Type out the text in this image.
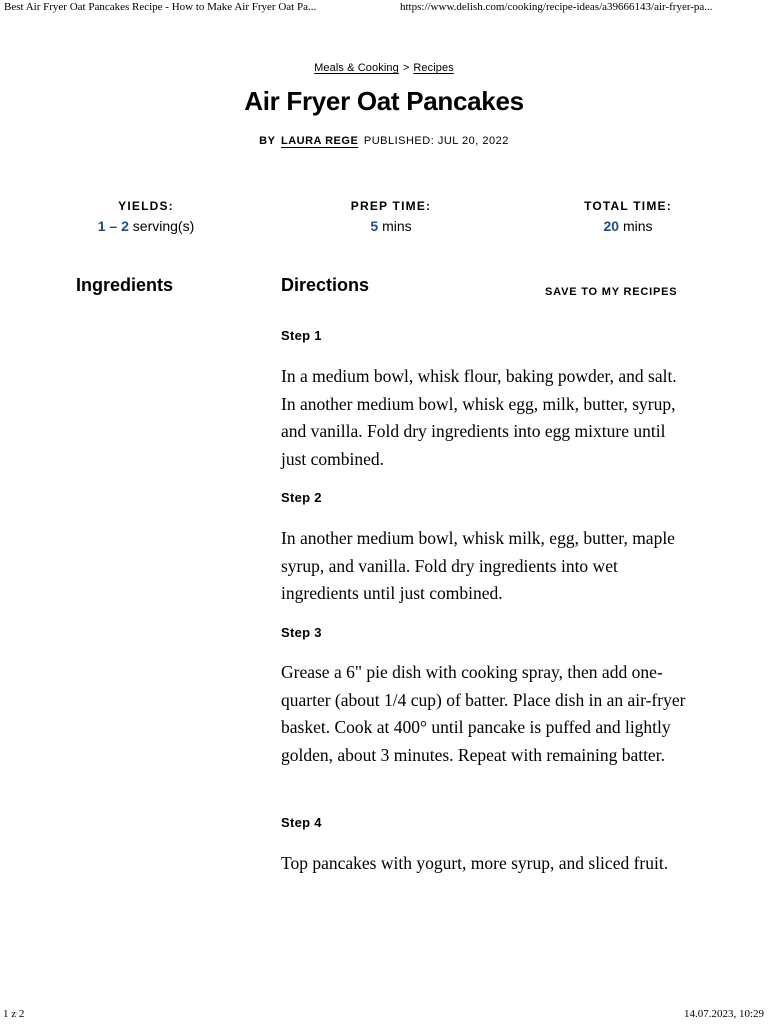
Best Air Fryer Oat Pancakes Recipe - How to Make Air Fryer Oat Pa...	https://www.delish.com/cooking/recipe-ideas/a39666143/air-fryer-pa...
Meals & Cooking > Recipes
Air Fryer Oat Pancakes
BY LAURA REGE PUBLISHED: JUL 20, 2022
YIELDS:
1 – 2 serving(s)
PREP TIME:
5 mins
TOTAL TIME:
20 mins
Ingredients	Directions	SAVE TO MY RECIPES
Step 1

In a medium bowl, whisk flour, baking powder, and salt. In another medium bowl, whisk egg, milk, butter, syrup, and vanilla. Fold dry ingredients into egg mixture until just combined.

Step 2

In another medium bowl, whisk milk, egg, butter, maple syrup, and vanilla. Fold dry ingredients into wet ingredients until just combined.

Step 3

Grease a 6" pie dish with cooking spray, then add one-quarter (about 1/4 cup) of batter. Place dish in an air-fryer basket. Cook at 400° until pancake is puffed and lightly golden, about 3 minutes. Repeat with remaining batter.

Step 4

Top pancakes with yogurt, more syrup, and sliced fruit.

1 z 2	14.07.2023, 10:29
